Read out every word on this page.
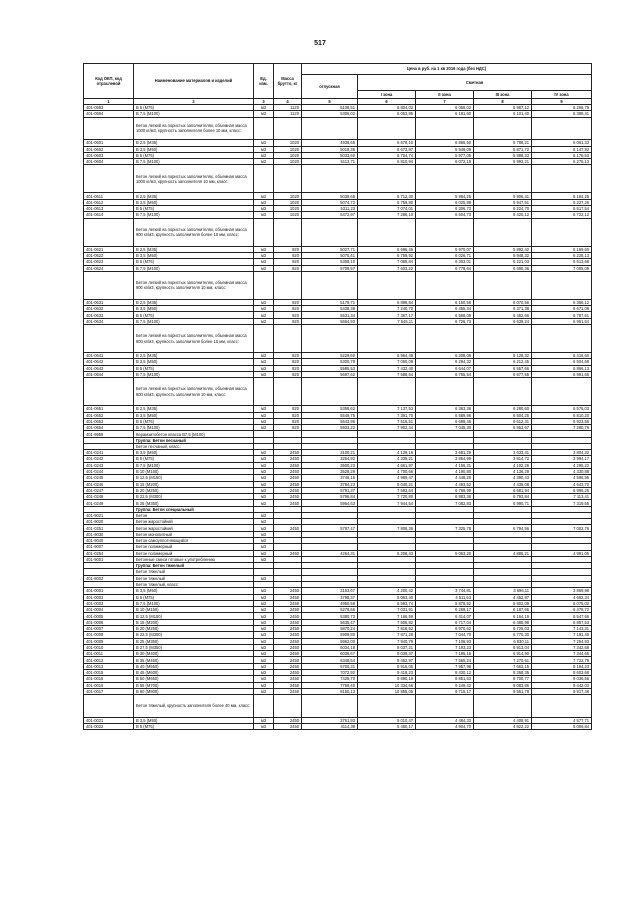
517
Код ОКП, код отраслевой	Наименование материалов и изделий	Ед. изм.	Масса брутто, кг	Цена в руб. на 1 кв 2016 года (без НДС)				
				отпускная	Сметная			
					I зона	II зона	III зона	IV зона
1	2	3	4	5	6	7	8	9
401-0593	В 5 (М75)	м3	1120	5108,51	6 804,02	6 058,02	5 987,12	6 266,75
401-0594	В 7,5 (М100)	м3	1120	5306,02	6 053,85	6 181,60	6 101,40	6 388,41
	Бетон легкий на пористых заполнителях, объемная масса 1000 кг/м3, крупность заполнителя более 10 мм, класс:							
401-0601	В 2,5 (М35)	м3	1020	4938,65	6 579,10	6 865,50	5 788,21	6 061,33
401-0602	В 3,5 (М50)	м3	1020	5018,35	6 672,87	5 949,09	5 871,72	6 147,92
401-0603	В 5 (М75)	м3	1020	5033,60	6 704,74	5 977,05	5 898,33	6 176,53
401-0604	В 7,5 (М100)	м3	1020	5113,71	6 810,94	6 072,19	5 993,21	6 275,13
	Бетон легкий на пористых заполнителях, объемная масса 1000 кг/м3, крупность заполнителя 10 мм, класс:							
401-0611	В 2,5 (М35)	м3	1020	5039,65	6 712,30	5 984,25	5 906,41	6 184,25
401-0612	В 3,5 (М50)	м3	1020	5074,72	6 759,80	6 025,89	5 947,51	6 227,26
401-0613	В 5 (М75)	м3	1020	5311,23	7 074,01	6 306,73	6 224,70	6 517,54
401-0614	В 7,5 (М100)	м3	1020	5472,97	7 286,10	6 504,73	6 420,12	6 722,12
	Бетон легкий на пористых заполнителях, объемная масса 900 кг/м3, крупность заполнителя более 10 мм, класс:							
401-0621	В 2,5 (М35)	м3	920	5027,71	6 696,46	5 970,07	5 892,42	6 169,60
401-0622	В 3,5 (М50)	м3	920	5075,41	6 759,92	6 026,71	5 948,32	6 228,13
401-0623	В 5 (М75)	м3	920	5308,10	7 069,84	6 303,01	6 221,03	6 513,68
401-0624	В 7,5 (М100)	м3	920	5708,57	7 603,22	6 778,64	6 690,36	7 005,09
	Бетон легкий на пористых заполнителях, объемная масса 900 кг/м3, крупность заполнителя 10 мм, класс:							
401-0631	В 2,5 (М35)	м3	920	5179,71	6 898,84	6 150,56	6 070,56	6 356,12
401-0632	В 3,5 (М50)	м3	920	5438,38	7 240,70	6 455,34	6 371,38	6 671,08
401-0633	В 5 (М75)	м3	920	5531,34	7 367,17	6 568,09	6 482,66	6 787,61
401-0634	В 7,5 (М100)	м3	920	5664,93	7 545,11	6 726,73	6 639,24	6 951,54
	Бетон легкий на пористых заполнителях, объемная масса 800 кг/м3, крупность заполнителя более 10 мм, класс:							
401-0641	В 2,5 (М35)	м3	820	5229,60	6 964,49	6 208,08	6 128,32	6 416,60
401-0642	В 3,5 (М50)	м3	820	5300,78	7 060,09	6 294,32	6 212,45	6 504,68
401-0643	В 5 (М75)	м3	820	5585,53	7 432,40	6 644,07	6 557,66	6 866,13
401-0644	В 7,5 (М100)	м3	820	5697,62	7 588,64	6 765,54	6 677,55	6 991,65
	Бетон легкий на пористых заполнителях, объемная масса 800 кг/м3, крупность заполнителя 10 мм, класс:							
401-0651	В 2,5 (М35)	м3	820	5358,62	7 137,53	6 363,36	6 280,60	6 576,03
401-0652	В 3,5 (М50)	м3	820	5549,75	7 391,70	6 589,96	6 504,25	6 810,20
401-0653	В 5 (М75)	м3	820	5643,96	7 516,51	6 699,45	6 612,31	6 923,55
401-0654	В 7,5 (М100)	м3	820	5933,22	7 902,44	7 045,30	6 953,67	7 280,76
401-9959	Керамзитобетон класса В7,5 (М100)							
	Группа: Бетон песчаный							
	Бетон песчаный, класс:							
401-0241	В 3,5 (М50)	м3	2450	3100,21	4 129,16	3 681,29	3 633,41	3 804,32
401-0242	В 5 (М75)	м3	2450	3254,92	4 335,21	3 864,99	3 814,72	3 994,17
401-0243	В 7,5 (М100)	м3	2450	3500,23	4 661,97	4 156,31	4 102,26	4 295,22
401-0244	В 10 (М150)	м3	2450	3529,29	4 700,66	4 190,80	4 136,29	4 330,88
401-0245	В 12,5 (М150)	м3	2450	3746,15	4 989,47	4 448,28	4 390,43	4 596,95
401-0246	В 15 (М200)	м3	2450	3784,23	5 040,21	4 493,52	4 435,08	4 643,70
401-0247	В 20 (М250)	м3	2450	5791,37	7 593,64	6 769,99	6 681,94	6 996,25
401-0248	В 22,5 (М300)	м3	2450	5796,84	7 720,80	6 883,36	6 793,84	7 113,41
401-0249	В 25 (М350)	м3	2450	5964,63	7 944,54	7 082,83	6 990,71	7 319,55
	Группа: Бетон специальный							
401-9021	Бетон	м3						
401-9020	Бетон жаростойкий	м3						
401-0251	Бетон жаростойкий	м3	2450	5797,47	7 806,36	7 325,78	6 794,56	7 002,76
401-9030	Бетон монолитный	м3						
401-9040	Бетон самоуплотняющийся	м3						
401-9007	Бетон полимерный	м3						
401-0254	Бетон полимерный	м3	2450	4264,31	5 208,43	5 063,20	4 885,21	4 991,05
401-9001	Бетонные смеси готовые к употреблению	м3						
	Группа: Бетон тяжелый							
	Бетон тяжелый							
401-8002	Бетон тяжелый	м3						
	Бетон тяжелый, класс:							
401-0001	В 3,5 (М50)	м3	2450	3153,67	4 200,42	3 744,81	3 696,11	3 869,98
401-0002	В 5 (М75)	м3	2450	3798,37	5 063,40	4 511,53	4 452,87	4 662,34
401-0003	В 7,5 (М100)	м3	2450	4950,58	6 593,74	5 878,52	5 802,09	6 075,02
401-0004	В 10 (М150)	м3	2450	5278,56	7 031,91	6 269,17	6 187,65	6 478,72
401-0005	В 12,5 (М150)	м3	2450	5380,73	7 166,59	6 414,07	6 164,19	6 547,66
401-0006	В 15 (М200)	м3	2450	5635,47	7 505,82	6 717,04	6 485,98	6 857,53
401-0007	В 20 (М250)	м3	2450	5870,24	7 818,62	6 970,62	6 725,03	7 143,31
401-0008	В 22,5 (М300)	м3	2450	5909,80	7 871,28	7 044,70	6 770,30	7 191,40
401-0009	В 25 (М350)	м3	2450	5962,00	7 940,79	7 106,93	6 830,11	7 254,93
401-0010	В 27,5 (М350)	м3	2450	6034,18	8 037,21	7 193,23	6 913,04	7 342,68
401-0011	В 30 (М400)	м3	2450	6036,67	8 039,37	7 195,16	6 914,90	7 344,65
401-0012	В 35 (М450)	м3	2450	6348,54	8 452,97	7 565,24	7 270,61	7 722,79
401-0013	В 40 (М550)	м3	2450	6700,31	8 916,05	7 957,98	7 663,15	8 184,23
401-0015	В 45 (М600)	м3	2450	7072,92	9 419,23	8 430,12	8 268,35	8 603,68
401-0016	В 50 (М650)	м3	2450	7425,70	9 890,19	8 851,63	8 700,77	9 036,56
401-0016	В 55 (М700)	м3	2450	7759,40	10 334,66	9 249,42	9 083,86	9 442,03
401-0017	В 60 (М800)	м3	2450	8150,13	10 855,05	9 715,17	9 551,78	9 917,48
	Бетон тяжелый, крупность заполнителя более 40 мм, класс:							
401-0021	В 3,5 (М50)	м3	2450	3761,93	5 010,47	4 484,33	4 408,91	4 577,71
401-0022	В 5 (М75)	м3	2450	4114,39	5 480,17	4 904,70	4 822,22	5 006,84
